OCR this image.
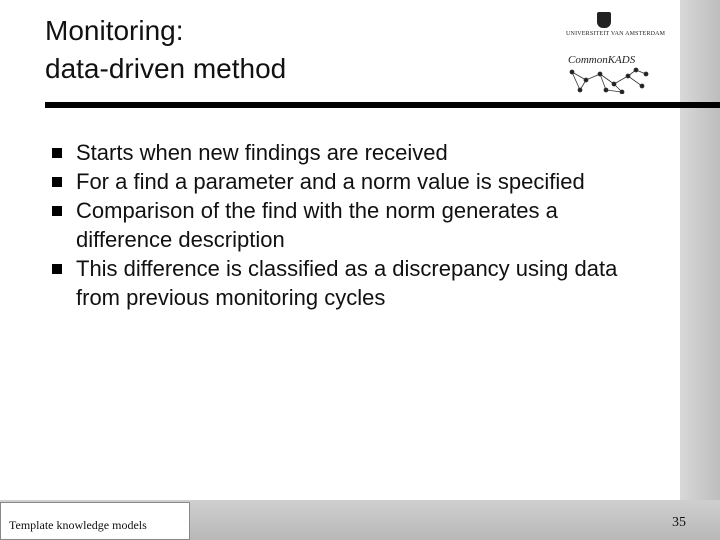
Monitoring:
data-driven method
UNIVERSITEIT VAN AMSTERDAM
CommonKADS
Starts when new findings are received
For a find a parameter and a norm value is specified
Comparison of the find with the norm generates a difference description
This difference is classified as a discrepancy using data from previous monitoring cycles
Template knowledge models	35
